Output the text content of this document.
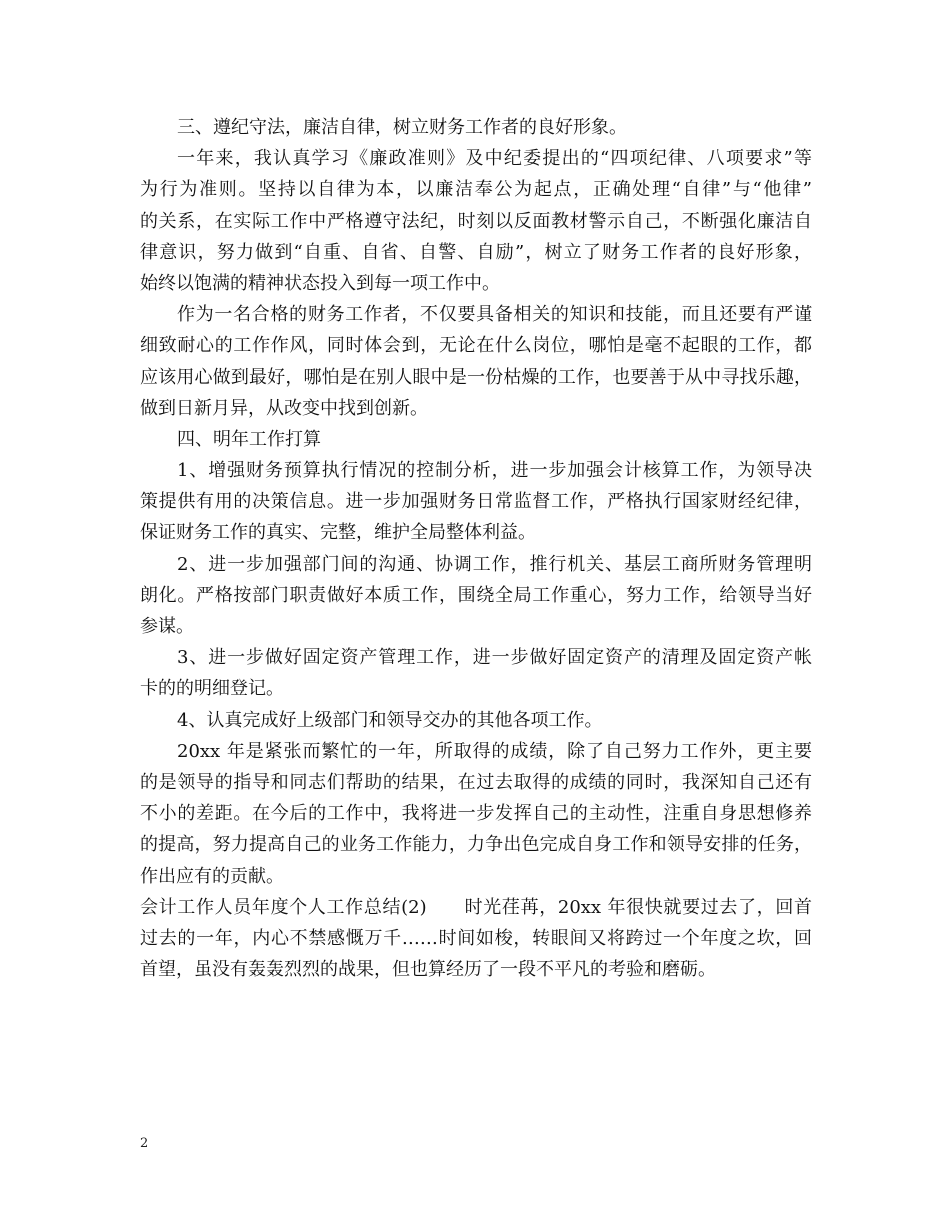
三、遵纪守法，廉洁自律，树立财务工作者的良好形象。
一年来，我认真学习《廉政准则》及中纪委提出的“四项纪律、八项要求”等
为行为准则。坚持以自律为本，以廉洁奉公为起点，正确处理“自律”与“他律”
的关系，在实际工作中严格遵守法纪，时刻以反面教材警示自己，不断强化廉洁自
律意识，努力做到“自重、自省、自警、自励”，树立了财务工作者的良好形象，
始终以饱满的精神状态投入到每一项工作中。
作为一名合格的财务工作者，不仅要具备相关的知识和技能，而且还要有严谨
细致耐心的工作作风，同时体会到，无论在什么岗位，哪怕是毫不起眼的工作，都
应该用心做到最好，哪怕是在别人眼中是一份枯燥的工作，也要善于从中寻找乐趣，
做到日新月异，从改变中找到创新。
四、明年工作打算
1、增强财务预算执行情况的控制分析，进一步加强会计核算工作，为领导决
策提供有用的决策信息。进一步加强财务日常监督工作，严格执行国家财经纪律，
保证财务工作的真实、完整，维护全局整体利益。
2、进一步加强部门间的沟通、协调工作，推行机关、基层工商所财务管理明
朗化。严格按部门职责做好本质工作，围绕全局工作重心，努力工作，给领导当好
参谋。
3、进一步做好固定资产管理工作，进一步做好固定资产的清理及固定资产帐
卡的的明细登记。
4、认真完成好上级部门和领导交办的其他各项工作。
20xx 年是紧张而繁忙的一年，所取得的成绩，除了自己努力工作外，更主要
的是领导的指导和同志们帮助的结果，在过去取得的成绩的同时，我深知自己还有
不小的差距。在今后的工作中，我将进一步发挥自己的主动性，注重自身思想修养
的提高，努力提高自己的业务工作能力，力争出色完成自身工作和领导安排的任务，
作出应有的贡献。
会计工作人员年度个人工作总结(2)　　时光荏苒，20xx 年很快就要过去了，回首
过去的一年，内心不禁感慨万千……时间如梭，转眼间又将跨过一个年度之坎，回
首望，虽没有轰轰烈烈的战果，但也算经历了一段不平凡的考验和磨砺。
2
